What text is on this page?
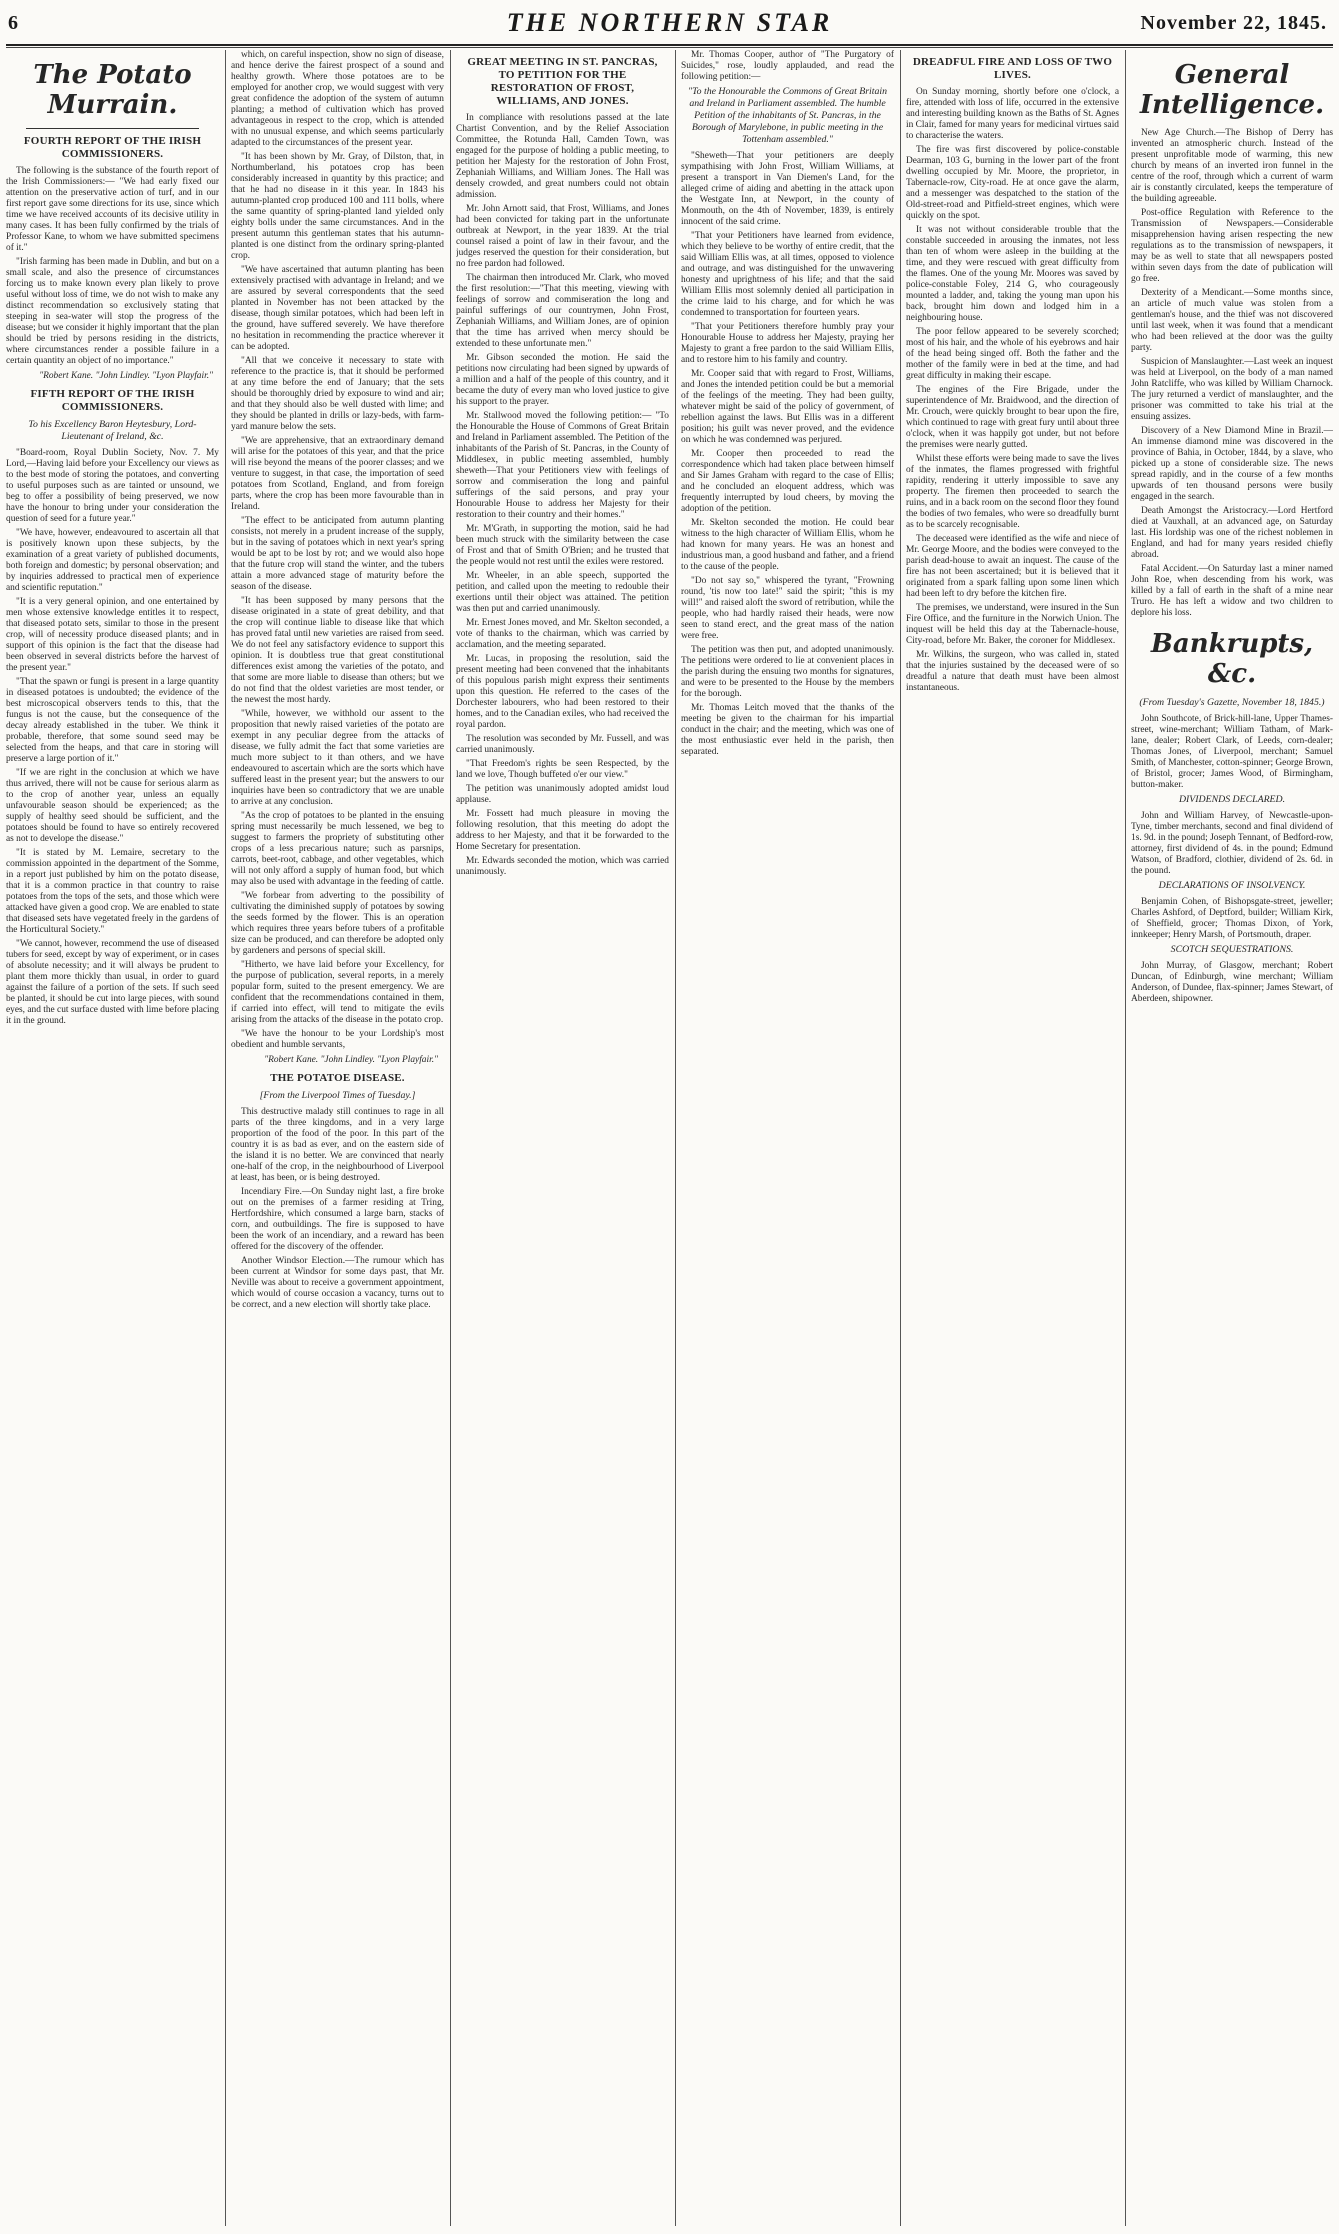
6	THE NORTHERN STAR	November 22, 1845.
The Potato Murrain.
FOURTH REPORT OF THE IRISH COMMISSIONERS.

The following is the substance of the fourth report of the Irish Commissioners:— "We had early fixed our attention on the preservative action of turf, and in our first report gave some directions for its use, since which time we have received accounts of its decisive utility in many cases. It has been fully confirmed by the trials of Professor Kane, to whom we have submitted specimens of it."

"Irish farming has been made in Dublin, and but on a small scale, and also the presence of circumstances forcing us to make known every plan likely to prove useful without loss of time, we do not wish to make any distinct recommendation so exclusively stating that steeping in sea-water will stop the progress of the disease; but we consider it highly important that the plan should be tried by persons residing in the districts, where circumstances render a possible failure in a certain quantity an object of no importance."

"Robert Kane. "John Lindley. "Lyon Playfair."

FIFTH REPORT OF THE IRISH COMMISSIONERS.
To his Excellency Baron Heytesbury, Lord-Lieutenant of Ireland, &c.

"Board-room, Royal Dublin Society, Nov. 7. My Lord,—Having laid before your Excellency our views as to the best mode of storing the potatoes, and converting to useful purposes such as are tainted or unsound, we beg to offer a possibility of being preserved, we now have the honour to bring under your consideration the question of seed for a future year."

"We have, however, endeavoured to ascertain all that is positively known upon these subjects, by the examination of a great variety of published documents, both foreign and domestic; by personal observation; and by inquiries addressed to practical men of experience and scientific reputation."

"It is a very general opinion, and one entertained by men whose extensive knowledge entitles it to respect, that diseased potato sets, similar to those in the present crop, will of necessity produce diseased plants; and in support of this opinion is the fact that the disease had been observed in several districts before the harvest of the present year."

"That the spawn or fungi is present in a large quantity in diseased potatoes is undoubted; the evidence of the best microscopical observers tends to this, that the fungus is not the cause, but the consequence of the decay already established in the tuber. We think it probable, therefore, that some sound seed may be selected from the heaps, and that care in storing will preserve a large portion of it."

"If we are right in the conclusion at which we have thus arrived, there will not be cause for serious alarm as to the crop of another year, unless an equally unfavourable season should be experienced; as the supply of healthy seed should be sufficient, and the potatoes should be found to have so entirely recovered as not to develope the disease."

"It is stated by M. Lemaire, secretary to the commission appointed in the department of the Somme, in a report just published by him on the potato disease, that it is a common practice in that country to raise potatoes from the tops of the sets, and those which were attacked have given a good crop. We are enabled to state that diseased sets have vegetated freely in the gardens of the Horticultural Society."

"We cannot, however, recommend the use of diseased tubers for seed, except by way of experiment, or in cases of absolute necessity; and it will always be prudent to plant them more thickly than usual, in order to guard against the failure of a portion of the sets. If such seed be planted, it should be cut into large pieces, with sound eyes, and the cut surface dusted with lime before placing it in the ground.

which, on careful inspection, show no sign of disease, and hence derive the fairest prospect of a sound and healthy growth. Where those potatoes are to be employed for another crop, we would suggest with very great confidence the adoption of the system of autumn planting; a method of cultivation which has proved advantageous in respect to the crop, which is attended with no unusual expense, and which seems particularly adapted to the circumstances of the present year.

"It has been shown by Mr. Gray, of Dilston, that, in Northumberland, his potatoes crop has been considerably increased in quantity by this practice; and that he had no disease in it this year. In 1843 his autumn-planted crop produced 100 and 111 bolls, where the same quantity of spring-planted land yielded only eighty bolls under the same circumstances. And in the present autumn this gentleman states that his autumn-planted is one distinct from the ordinary spring-planted crop.

"We have ascertained that autumn planting has been extensively practised with advantage in Ireland; and we are assured by several correspondents that the seed planted in November has not been attacked by the disease, though similar potatoes, which had been left in the ground, have suffered severely. We have therefore no hesitation in recommending the practice wherever it can be adopted.

"All that we conceive it necessary to state with reference to the practice is, that it should be performed at any time before the end of January; that the sets should be thoroughly dried by exposure to wind and air; and that they should also be well dusted with lime; and they should be planted in drills or lazy-beds, with farm-yard manure below the sets.

"We are apprehensive, that an extraordinary demand will arise for the potatoes of this year, and that the price will rise beyond the means of the poorer classes; and we venture to suggest, in that case, the importation of seed potatoes from Scotland, England, and from foreign parts, where the crop has been more favourable than in Ireland.

"The effect to be anticipated from autumn planting consists, not merely in a prudent increase of the supply, but in the saving of potatoes which in next year's spring would be apt to be lost by rot; and we would also hope that the future crop will stand the winter, and the tubers attain a more advanced stage of maturity before the season of the disease.

"It has been supposed by many persons that the disease originated in a state of great debility, and that the crop will continue liable to disease like that which has proved fatal until new varieties are raised from seed. We do not feel any satisfactory evidence to support this opinion. It is doubtless true that great constitutional differences exist among the varieties of the potato, and that some are more liable to disease than others; but we do not find that the oldest varieties are most tender, or the newest the most hardy.

"While, however, we withhold our assent to the proposition that newly raised varieties of the potato are exempt in any peculiar degree from the attacks of disease, we fully admit the fact that some varieties are much more subject to it than others, and we have endeavoured to ascertain which are the sorts which have suffered least in the present year; but the answers to our inquiries have been so contradictory that we are unable to arrive at any conclusion.

"As the crop of potatoes to be planted in the ensuing spring must necessarily be much lessened, we beg to suggest to farmers the propriety of substituting other crops of a less precarious nature; such as parsnips, carrots, beet-root, cabbage, and other vegetables, which will not only afford a supply of human food, but which may also be used with advantage in the feeding of cattle.

"We forbear from adverting to the possibility of cultivating the diminished supply of potatoes by sowing the seeds formed by the flower. This is an operation which requires three years before tubers of a profitable size can be produced, and can therefore be adopted only by gardeners and persons of special skill.

"Hitherto, we have laid before your Excellency, for the purpose of publication, several reports, in a merely popular form, suited to the present emergency. We are confident that the recommendations contained in them, if carried into effect, will tend to mitigate the evils arising from the attacks of the disease in the potato crop.

"We have the honour to be your Lordship's most obedient and humble servants,

"Robert Kane. "John Lindley. "Lyon Playfair."

THE POTATOE DISEASE.
[From the Liverpool Times of Tuesday.]

This destructive malady still continues to rage in all parts of the three kingdoms, and in a very large proportion of the food of the poor. In this part of the country it is as bad as ever, and on the eastern side of the island it is no better. We are convinced that nearly one-half of the crop, in the neighbourhood of Liverpool at least, has been, or is being destroyed.

Incendiary Fire.—On Sunday night last, a fire broke out on the premises of a farmer residing at Tring, Hertfordshire, which consumed a large barn, stacks of corn, and outbuildings. The fire is supposed to have been the work of an incendiary, and a reward has been offered for the discovery of the offender.

Another Windsor Election.—The rumour which has been current at Windsor for some days past, that Mr. Neville was about to receive a government appointment, which would of course occasion a vacancy, turns out to be correct, and a new election will shortly take place.

GREAT MEETING IN ST. PANCRAS, TO PETITION FOR THE RESTORATION OF FROST, WILLIAMS, AND JONES.

In compliance with resolutions passed at the late Chartist Convention, and by the Relief Association Committee, the Rotunda Hall, Camden Town, was engaged for the purpose of holding a public meeting, to petition her Majesty for the restoration of John Frost, Zephaniah Williams, and William Jones. The Hall was densely crowded, and great numbers could not obtain admission.

Mr. John Arnott said, that Frost, Williams, and Jones had been convicted for taking part in the unfortunate outbreak at Newport, in the year 1839. At the trial counsel raised a point of law in their favour, and the judges reserved the question for their consideration, but no free pardon had followed.

The chairman then introduced Mr. Clark, who moved the first resolution:—"That this meeting, viewing with feelings of sorrow and commiseration the long and painful sufferings of our countrymen, John Frost, Zephaniah Williams, and William Jones, are of opinion that the time has arrived when mercy should be extended to these unfortunate men."

Mr. Gibson seconded the motion. He said the petitions now circulating had been signed by upwards of a million and a half of the people of this country, and it became the duty of every man who loved justice to give his support to the prayer.

Mr. Stallwood moved the following petition:— "To the Honourable the House of Commons of Great Britain and Ireland in Parliament assembled. The Petition of the inhabitants of the Parish of St. Pancras, in the County of Middlesex, in public meeting assembled, humbly sheweth—That your Petitioners view with feelings of sorrow and commiseration the long and painful sufferings of the said persons, and pray your Honourable House to address her Majesty for their restoration to their country and their homes."

Mr. M'Grath, in supporting the motion, said he had been much struck with the similarity between the case of Frost and that of Smith O'Brien; and he trusted that the people would not rest until the exiles were restored.

Mr. Wheeler, in an able speech, supported the petition, and called upon the meeting to redouble their exertions until their object was attained. The petition was then put and carried unanimously.

Mr. Ernest Jones moved, and Mr. Skelton seconded, a vote of thanks to the chairman, which was carried by acclamation, and the meeting separated.

Mr. Lucas, in proposing the resolution, said the present meeting had been convened that the inhabitants of this populous parish might express their sentiments upon this question. He referred to the cases of the Dorchester labourers, who had been restored to their homes, and to the Canadian exiles, who had received the royal pardon.

The resolution was seconded by Mr. Fussell, and was carried unanimously.

"That Freedom's rights be seen Respected, by the land we love, Though buffeted o'er our view."

The petition was unanimously adopted amidst loud applause.

Mr. Fossett had much pleasure in moving the following resolution, that this meeting do adopt the address to her Majesty, and that it be forwarded to the Home Secretary for presentation.

Mr. Edwards seconded the motion, which was carried unanimously.

Mr. Thomas Cooper, author of "The Purgatory of Suicides," rose, loudly applauded, and read the following petition:—

"To the Honourable the Commons of Great Britain and Ireland in Parliament assembled. The humble Petition of the inhabitants of St. Pancras, in the Borough of Marylebone, in public meeting in the Tottenham assembled."

"Sheweth—That your petitioners are deeply sympathising with John Frost, William Williams, at present a transport in Van Diemen's Land, for the alleged crime of aiding and abetting in the attack upon the Westgate Inn, at Newport, in the county of Monmouth, on the 4th of November, 1839, is entirely innocent of the said crime.

"That your Petitioners have learned from evidence, which they believe to be worthy of entire credit, that the said William Ellis was, at all times, opposed to violence and outrage, and was distinguished for the unwavering honesty and uprightness of his life; and that the said William Ellis most solemnly denied all participation in the crime laid to his charge, and for which he was condemned to transportation for fourteen years.

"That your Petitioners therefore humbly pray your Honourable House to address her Majesty, praying her Majesty to grant a free pardon to the said William Ellis, and to restore him to his family and country.

Mr. Cooper said that with regard to Frost, Williams, and Jones the intended petition could be but a memorial of the feelings of the meeting. They had been guilty, whatever might be said of the policy of government, of rebellion against the laws. But Ellis was in a different position; his guilt was never proved, and the evidence on which he was condemned was perjured.

Mr. Cooper then proceeded to read the correspondence which had taken place between himself and Sir James Graham with regard to the case of Ellis; and he concluded an eloquent address, which was frequently interrupted by loud cheers, by moving the adoption of the petition.

Mr. Skelton seconded the motion. He could bear witness to the high character of William Ellis, whom he had known for many years. He was an honest and industrious man, a good husband and father, and a friend to the cause of the people.

"Do not say so," whispered the tyrant, "Frowning round, 'tis now too late!" said the spirit; "this is my will!" and raised aloft the sword of retribution, while the people, who had hardly raised their heads, were now seen to stand erect, and the great mass of the nation were free.

The petition was then put, and adopted unanimously. The petitions were ordered to lie at convenient places in the parish during the ensuing two months for signatures, and were to be presented to the House by the members for the borough.

Mr. Thomas Leitch moved that the thanks of the meeting be given to the chairman for his impartial conduct in the chair; and the meeting, which was one of the most enthusiastic ever held in the parish, then separated.

DREADFUL FIRE AND LOSS OF TWO LIVES.

On Sunday morning, shortly before one o'clock, a fire, attended with loss of life, occurred in the extensive and interesting building known as the Baths of St. Agnes in Clair, famed for many years for medicinal virtues said to characterise the waters.

The fire was first discovered by police-constable Dearman, 103 G, burning in the lower part of the front dwelling occupied by Mr. Moore, the proprietor, in Tabernacle-row, City-road. He at once gave the alarm, and a messenger was despatched to the station of the Old-street-road and Pitfield-street engines, which were quickly on the spot.

It was not without considerable trouble that the constable succeeded in arousing the inmates, not less than ten of whom were asleep in the building at the time, and they were rescued with great difficulty from the flames. One of the young Mr. Moores was saved by police-constable Foley, 214 G, who courageously mounted a ladder, and, taking the young man upon his back, brought him down and lodged him in a neighbouring house.

The poor fellow appeared to be severely scorched; most of his hair, and the whole of his eyebrows and hair of the head being singed off. Both the father and the mother of the family were in bed at the time, and had great difficulty in making their escape.

The engines of the Fire Brigade, under the superintendence of Mr. Braidwood, and the direction of Mr. Crouch, were quickly brought to bear upon the fire, which continued to rage with great fury until about three o'clock, when it was happily got under, but not before the premises were nearly gutted.

Whilst these efforts were being made to save the lives of the inmates, the flames progressed with frightful rapidity, rendering it utterly impossible to save any property. The firemen then proceeded to search the ruins, and in a back room on the second floor they found the bodies of two females, who were so dreadfully burnt as to be scarcely recognisable.

The deceased were identified as the wife and niece of Mr. George Moore, and the bodies were conveyed to the parish dead-house to await an inquest. The cause of the fire has not been ascertained; but it is believed that it originated from a spark falling upon some linen which had been left to dry before the kitchen fire.

The premises, we understand, were insured in the Sun Fire Office, and the furniture in the Norwich Union. The inquest will be held this day at the Tabernacle-house, City-road, before Mr. Baker, the coroner for Middlesex.

Mr. Wilkins, the surgeon, who was called in, stated that the injuries sustained by the deceased were of so dreadful a nature that death must have been almost instantaneous.

General Intelligence.

New Age Church.—The Bishop of Derry has invented an atmospheric church. Instead of the present unprofitable mode of warming, this new church by means of an inverted iron funnel in the centre of the roof, through which a current of warm air is constantly circulated, keeps the temperature of the building agreeable.

Post-office Regulation with Reference to the Transmission of Newspapers.—Considerable misapprehension having arisen respecting the new regulations as to the transmission of newspapers, it may be as well to state that all newspapers posted within seven days from the date of publication will go free.

Dexterity of a Mendicant.—Some months since, an article of much value was stolen from a gentleman's house, and the thief was not discovered until last week, when it was found that a mendicant who had been relieved at the door was the guilty party.

Suspicion of Manslaughter.—Last week an inquest was held at Liverpool, on the body of a man named John Ratcliffe, who was killed by William Charnock. The jury returned a verdict of manslaughter, and the prisoner was committed to take his trial at the ensuing assizes.

Discovery of a New Diamond Mine in Brazil.—An immense diamond mine was discovered in the province of Bahia, in October, 1844, by a slave, who picked up a stone of considerable size. The news spread rapidly, and in the course of a few months upwards of ten thousand persons were busily engaged in the search.

Death Amongst the Aristocracy.—Lord Hertford died at Vauxhall, at an advanced age, on Saturday last. His lordship was one of the richest noblemen in England, and had for many years resided chiefly abroad.

Fatal Accident.—On Saturday last a miner named John Roe, when descending from his work, was killed by a fall of earth in the shaft of a mine near Truro. He has left a widow and two children to deplore his loss.

Bankrupts, &c.
(From Tuesday's Gazette, November 18, 1845.)

John Southcote, of Brick-hill-lane, Upper Thames-street, wine-merchant; William Tatham, of Mark-lane, dealer; Robert Clark, of Leeds, corn-dealer; Thomas Jones, of Liverpool, merchant; Samuel Smith, of Manchester, cotton-spinner; George Brown, of Bristol, grocer; James Wood, of Birmingham, button-maker.

DIVIDENDS DECLARED.

John and William Harvey, of Newcastle-upon-Tyne, timber merchants, second and final dividend of 1s. 9d. in the pound; Joseph Tennant, of Bedford-row, attorney, first dividend of 4s. in the pound; Edmund Watson, of Bradford, clothier, dividend of 2s. 6d. in the pound.

DECLARATIONS OF INSOLVENCY.

Benjamin Cohen, of Bishopsgate-street, jeweller; Charles Ashford, of Deptford, builder; William Kirk, of Sheffield, grocer; Thomas Dixon, of York, innkeeper; Henry Marsh, of Portsmouth, draper.

SCOTCH SEQUESTRATIONS.

John Murray, of Glasgow, merchant; Robert Duncan, of Edinburgh, wine merchant; William Anderson, of Dundee, flax-spinner; James Stewart, of Aberdeen, shipowner.
